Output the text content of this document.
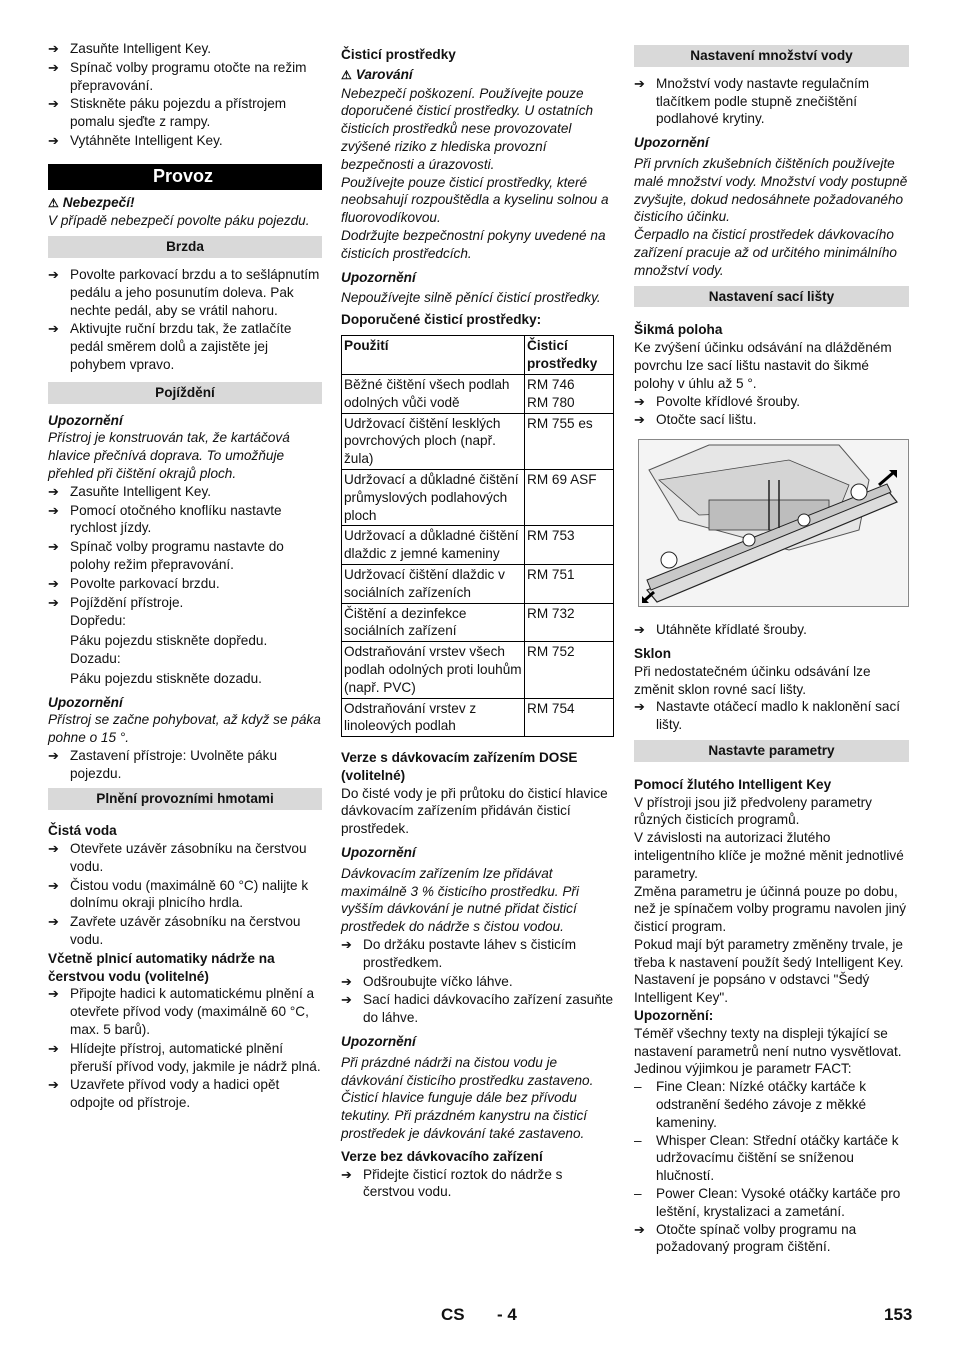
➔ Zasuňte Intelligent Key.
➔ Spínač volby programu otočte na režim přepravování.
➔ Stiskněte páku pojezdu a přístrojem pomalu sjeďte z rampy.
➔ Vytáhněte Intelligent Key.
Provoz
⚠ Nebezpečí!
V případě nebezpečí povolte páku pojezdu.
Brzda
➔ Povolte parkovací brzdu a to sešlápnutím pedálu a jeho posunutím doleva. Pak nechte pedál, aby se vrátil nahoru.
➔ Aktivujte ruční brzdu tak, že zatlačíte pedál směrem dolů a zajistěte jej pohybem vpravo.
Pojíždění
Upozornění
Přístroj je konstruován tak, že kartáčová hlavice přečnívá doprava. To umožňuje přehled při čištění okrajů ploch.
➔ Zasuňte Intelligent Key.
➔ Pomocí otočného knoflíku nastavte rychlost jízdy.
➔ Spínač volby programu nastavte do polohy režim přepravování.
➔ Povolte parkovací brzdu.
➔ Pojíždění přístroje.
Dopředu:
Páku pojezdu stiskněte dopředu.
Dozadu:
Páku pojezdu stiskněte dozadu.
Upozornění
Přístroj se začne pohybovat, až když se páka pohne o 15 °.
➔ Zastavení přístroje: Uvolněte páku pojezdu.
Plnění provozními hmotami
Čistá voda
➔ Otevřete uzávěr zásobníku na čerstvou vodu.
➔ Čistou vodu (maximálně 60 °C) nalijte k dolnímu okraji plnicího hrdla.
➔ Zavřete uzávěr zásobníku na čerstvou vodu.
Včetně plnicí automatiky nádrže na čerstvou vodu (volitelné)
➔ Připojte hadici k automatickému plnění a otevřete přívod vody (maximálně 60 °C, max. 5 barů).
➔ Hlídejte přístroj, automatické plnění přeruší přívod vody, jakmile je nádrž plná.
➔ Uzavřete přívod vody a hadici opět odpojte od přístroje.
Čisticí prostředky
⚠ Varování
Nebezpečí poškození. Používejte pouze doporučené čisticí prostředky. U ostatních čisticích prostředků nese provozovatel zvýšené riziko z hlediska provozní bezpečnosti a úrazovosti.
Používejte pouze čisticí prostředky, které neobsahují rozpouštědla a kyselinu solnou a fluorovodíkovou.
Dodržujte bezpečnostní pokyny uvedené na čisticích prostředcích.
Upozornění
Nepoužívejte silně pěnící čisticí prostředky.
Doporučené čisticí prostředky:
Použití	Čisticí prostředky
Běžné čištění všech podlah odolných vůči vodě	RM 746
RM 780
Udržovací čištění lesklých povrchových ploch (např. žula)	RM 755 es
Udržovací a důkladné čištění průmyslových podlahových ploch	RM 69 ASF
Udržovací a důkladné čištění dlaždic z jemné kameniny	RM 753
Udržovací čištění dlaždic v sociálních zařízeních	RM 751
Čištění a dezinfekce sociálních zařízení	RM 732
Odstraňování vrstev všech podlah odolných proti louhům (např. PVC)	RM 752
Odstraňování vrstev z linoleových podlah	RM 754
Verze s dávkovacím zařízením DOSE (volitelné)
Do čisté vody je při průtoku do čisticí hlavice dávkovacím zařízením přidáván čisticí prostředek.
Upozornění
Dávkovacím zařízením lze přidávat maximálně 3 % čisticího prostředku. Při vyšším dávkování je nutné přidat čisticí prostředek do nádrže s čistou vodou.
➔ Do držáku postavte láhev s čisticím prostředkem.
➔ Odšroubujte víčko láhve.
➔ Sací hadici dávkovacího zařízení zasuňte do láhve.
Upozornění
Při prázdné nádrži na čistou vodu je dávkování čisticího prostředku zastaveno. Čisticí hlavice funguje dále bez přívodu tekutiny. Při prázdném kanystru na čisticí prostředek je dávkování také zastaveno.
Verze bez dávkovacího zařízení
➔ Přidejte čisticí roztok do nádrže s čerstvou vodu.
Nastavení množství vody
➔ Množství vody nastavte regulačním tlačítkem podle stupně znečištění podlahové krytiny.
Upozornění
Při prvních zkušebních čištěních používejte malé množství vody. Množství vody postupně zvyšujte, dokud nedosáhnete požadovaného čisticího účinku.
Čerpadlo na čisticí prostředek dávkovacího zařízení pracuje až od určitého minimálního množství vody.
Nastavení sací lišty
Šikmá poloha
Ke zvýšení účinku odsávání na dlážděném povrchu lze sací lištu nastavit do šikmé polohy v úhlu až 5 °.
➔ Povolte křídlové šrouby.
➔ Otočte sací lištu.
➔ Utáhněte křídlaté šrouby.
Sklon
Při nedostatečném účinku odsávání lze změnit sklon rovné sací lišty.
➔ Nastavte otáčecí madlo k naklonění sací lišty.
Nastavte parametry
Pomocí žlutého Intelligent Key
V přístroji jsou již předvoleny parametry různých čisticích programů.
V závislosti na autorizaci žlutého inteligentního klíče je možné měnit jednotlivé parametry.
Změna parametru je účinná pouze po dobu, než je spínačem volby programu navolen jiný čisticí program.
Pokud mají být parametry změněny trvale, je třeba k nastavení použít šedý Intelligent Key. Nastavení je popsáno v odstavci "Šedý Intelligent Key".
Upozornění:
Téměř všechny texty na displeji týkající se nastavení parametrů není nutno vysvětlovat. Jedinou výjimkou je parametr FACT:
– Fine Clean: Nízké otáčky kartáče k odstranění šedého závoje z měkké kameniny.
– Whisper Clean: Střední otáčky kartáče k udržovacímu čištění se sníženou hlučností.
– Power Clean: Vysoké otáčky kartáče pro leštění, krystalizaci a zametání.
➔ Otočte spínač volby programu na požadovaný program čištění.
CS - 4	153
